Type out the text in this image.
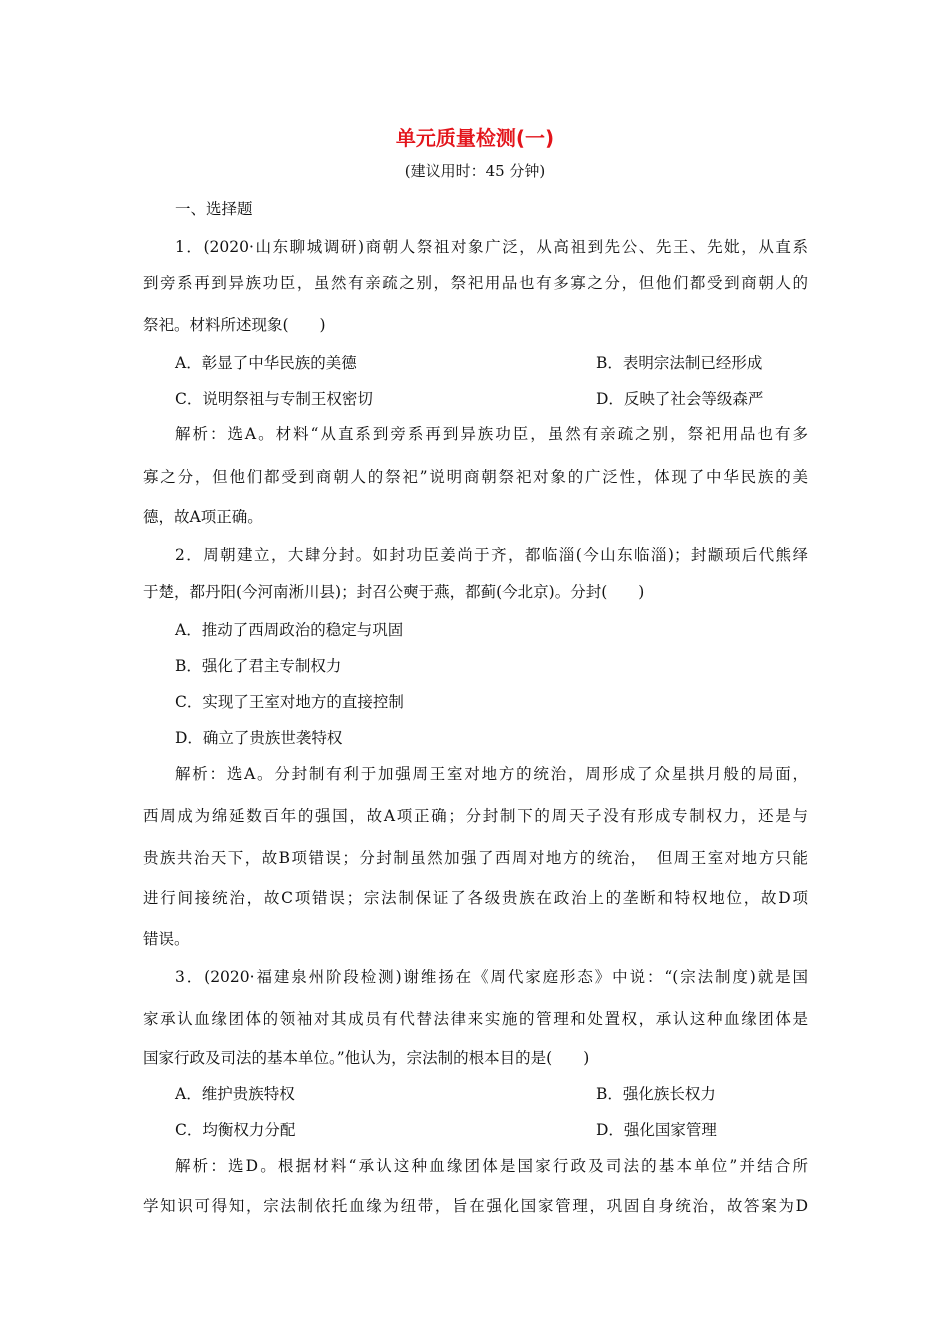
单元质量检测(一)
(建议用时：45 分钟)
一、选择题
1．(2020·山东聊城调研)商朝人祭祖对象广泛，从高祖到先公、先王、先妣，从直系
到旁系再到异族功臣，虽然有亲疏之别，祭祀用品也有多寡之分，但他们都受到商朝人的
祭祀。材料所述现象(　　)
A．彰显了中华民族的美德	B．表明宗法制已经形成
C．说明祭祖与专制王权密切	D．反映了社会等级森严
解析：选A。材料“从直系到旁系再到异族功臣，虽然有亲疏之别，祭祀用品也有多
寡之分，但他们都受到商朝人的祭祀”说明商朝祭祀对象的广泛性，体现了中华民族的美
德，故A项正确。
2．周朝建立，大肆分封。如封功臣姜尚于齐，都临淄(今山东临淄)；封颛顼后代熊绎
于楚，都丹阳(今河南淅川县)；封召公奭于燕，都蓟(今北京)。分封(　　)
A．推动了西周政治的稳定与巩固
B．强化了君主专制权力
C．实现了王室对地方的直接控制
D．确立了贵族世袭特权
解析：选A。分封制有利于加强周王室对地方的统治，周形成了众星拱月般的局面，
西周成为绵延数百年的强国，故A项正确；分封制下的周天子没有形成专制权力，还是与
贵族共治天下，故B项错误；分封制虽然加强了西周对地方的统治，　但周王室对地方只能
进行间接统治，故C项错误；宗法制保证了各级贵族在政治上的垄断和特权地位，故D项
错误。
3．(2020·福建泉州阶段检测)谢维扬在《周代家庭形态》中说：“(宗法制度)就是国
家承认血缘团体的领袖对其成员有代替法律来实施的管理和处置权，承认这种血缘团体是
国家行政及司法的基本单位。”他认为，宗法制的根本目的是(　　)
A．维护贵族特权	B．强化族长权力
C．均衡权力分配	D．强化国家管理
解析：选D。根据材料“承认这种血缘团体是国家行政及司法的基本单位”并结合所
学知识可得知，宗法制依托血缘为纽带，旨在强化国家管理，巩固自身统治，故答案为D
